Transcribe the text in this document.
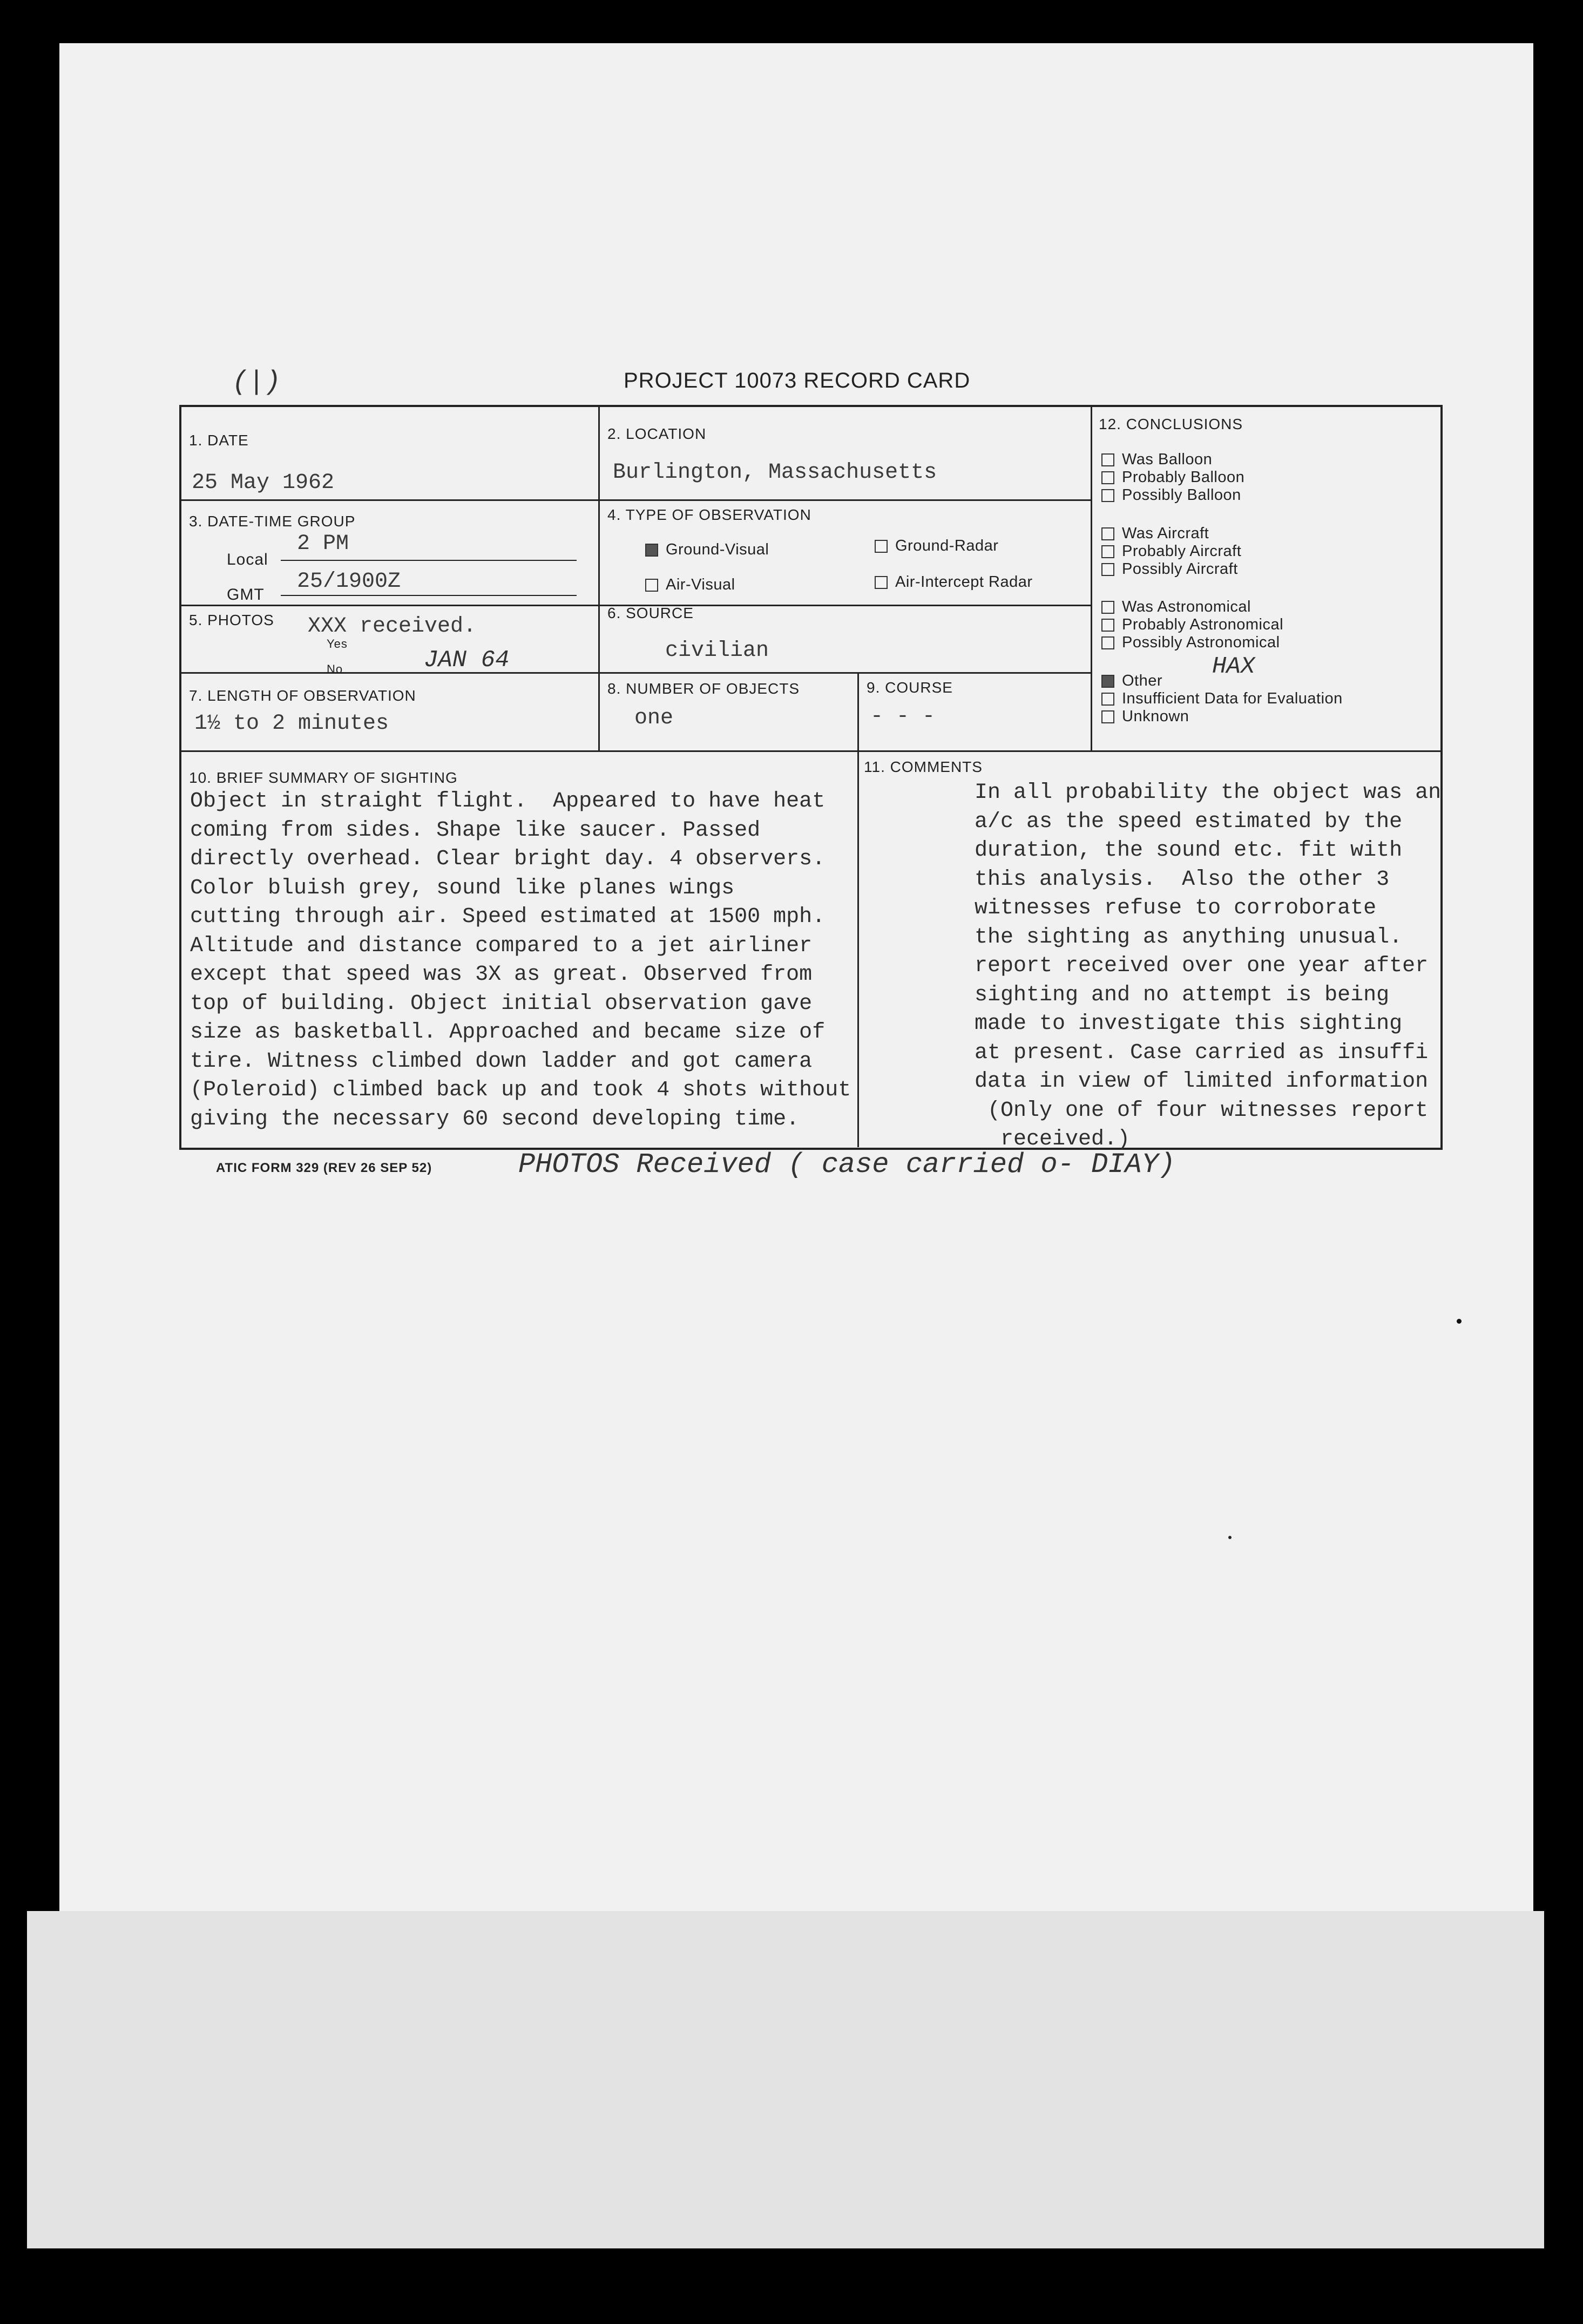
(|)	PROJECT 10073 RECORD CARD
1. DATE
25 May 1962
2. LOCATION
Burlington, Massachusetts
3. DATE-TIME GROUP
Local
2 PM
GMT
25/1900Z
4. TYPE OF OBSERVATION
Ground-Visual	Ground-Radar
Air-Visual	Air-Intercept Radar
5. PHOTOS
Yes
No
XXX received.
JAN 64
6. SOURCE
civilian
7. LENGTH OF OBSERVATION
1½ to 2 minutes
8. NUMBER OF OBJECTS
one
9. COURSE
- - -
12. CONCLUSIONS
Was Balloon
Probably Balloon
Possibly Balloon
Was Aircraft
Probably Aircraft
Possibly Aircraft
Was Astronomical
Probably Astronomical
Possibly Astronomical
Other
Insufficient Data for Evaluation
Unknown
HAX
10. BRIEF SUMMARY OF SIGHTING
Object in straight flight.  Appeared to have heat
coming from sides. Shape like saucer. Passed
directly overhead. Clear bright day. 4 observers.
Color bluish grey, sound like planes wings
cutting through air. Speed estimated at 1500 mph.
Altitude and distance compared to a jet airliner
except that speed was 3X as great. Observed from
top of building. Object initial observation gave
size as basketball. Approached and became size of
tire. Witness climbed down ladder and got camera
(Poleroid) climbed back up and took 4 shots without
giving the necessary 60 second developing time.
11. COMMENTS
In all probability the object was an
a/c as the speed estimated by the
duration, the sound etc. fit with
this analysis.  Also the other 3
witnesses refuse to corroborate
the sighting as anything unusual.
report received over one year after
sighting and no attempt is being
made to investigate this sighting
at present. Case carried as insuffi
data in view of limited information
(Only one of four witnesses report
received.)
ATIC FORM 329 (REV 26 SEP 52)	PHOTOS Received ( case carried o- DIAY)
